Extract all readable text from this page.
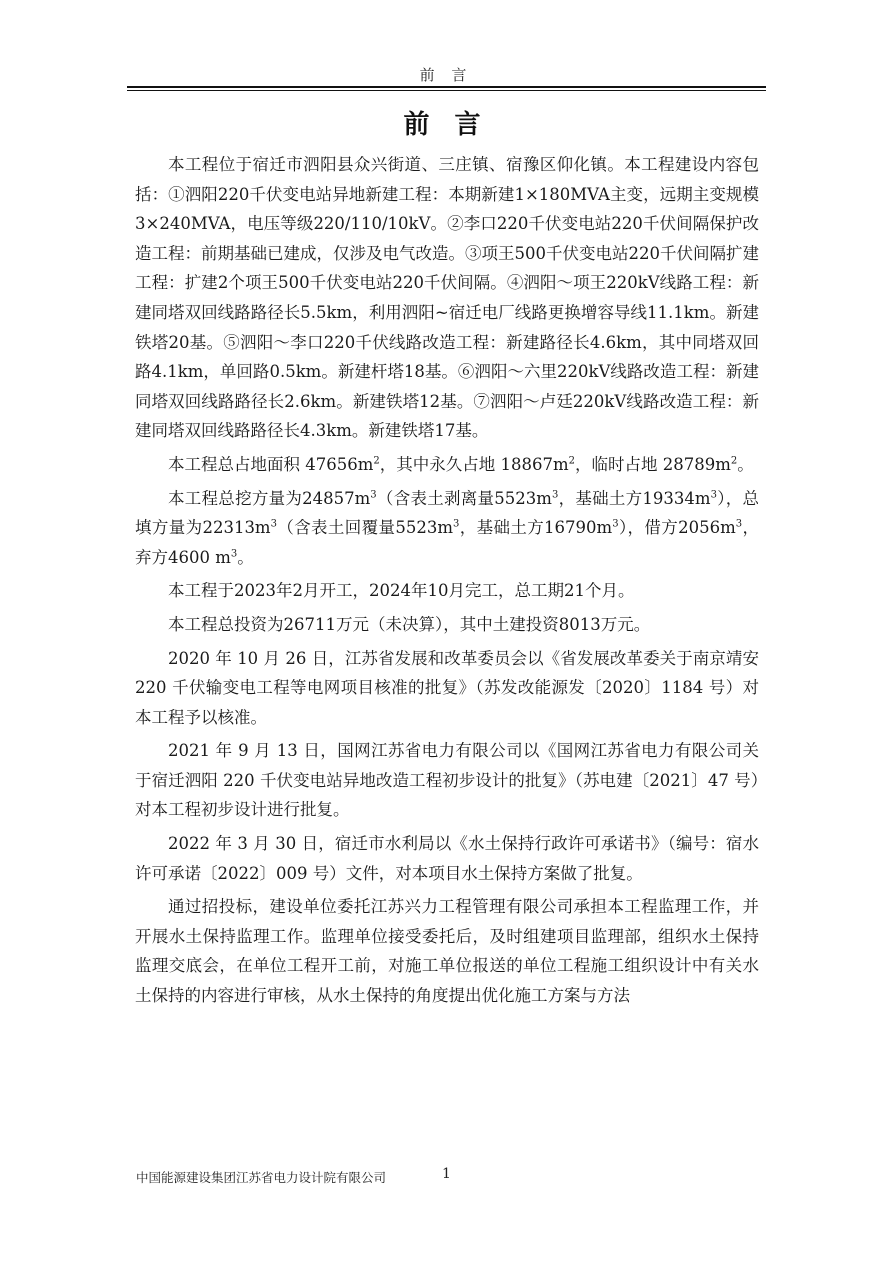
前 言
前 言

本工程位于宿迁市泗阳县众兴街道、三庄镇、宿豫区仰化镇。本工程建设内容包括：①泗阳220千伏变电站异地新建工程：本期新建1×180MVA主变，远期主变规模3×240MVA，电压等级220/110/10kV。②李口220千伏变电站220千伏间隔保护改造工程：前期基础已建成，仅涉及电气改造。③项王500千伏变电站220千伏间隔扩建工程：扩建2个项王500千伏变电站220千伏间隔。④泗阳～项王220kV线路工程：新建同塔双回线路路径长5.5km，利用泗阳~宿迁电厂线路更换增容导线11.1km。新建铁塔20基。⑤泗阳～李口220千伏线路改造工程：新建路径长4.6km，其中同塔双回路4.1km，单回路0.5km。新建杆塔18基。⑥泗阳～六里220kV线路改造工程：新建同塔双回线路路径长2.6km。新建铁塔12基。⑦泗阳～卢廷220kV线路改造工程：新建同塔双回线路路径长4.3km。新建铁塔17基。

本工程总占地面积 $47656m^2$，其中永久占地 $18867m^2$，临时占地 $28789m^2$。

本工程总挖方量为$24857m^3$（含表土剥离量$5523m^3$，基础土方$19334m^3$），总填方量为$22313m^3$（含表土回覆量$5523m^3$，基础土方$16790m^3$），借方$2056m^3$，弃方4600 $m^3$。

本工程于2023年2月开工，2024年10月完工，总工期21个月。

本工程总投资为26711万元（未决算），其中土建投资8013万元。

2020 年 10 月 26 日，江苏省发展和改革委员会以《省发展改革委关于南京靖安 220 千伏输变电工程等电网项目核准的批复》（苏发改能源发〔2020〕1184 号）对本工程予以核准。

2021 年 9 月 13 日，国网江苏省电力有限公司以《国网江苏省电力有限公司关于宿迁泗阳 220 千伏变电站异地改造工程初步设计的批复》（苏电建〔2021〕47 号）对本工程初步设计进行批复。

2022 年 3 月 30 日，宿迁市水利局以《水土保持行政许可承诺书》（编号：宿水许可承诺〔2022〕009 号）文件，对本项目水土保持方案做了批复。

通过招投标，建设单位委托江苏兴力工程管理有限公司承担本工程监理工作，并开展水土保持监理工作。监理单位接受委托后，及时组建项目监理部，组织水土保持监理交底会，在单位工程开工前，对施工单位报送的单位工程施工组织设计中有关水土保持的内容进行审核，从水土保持的角度提出优化施工方案与方法

中国能源建设集团江苏省电力设计院有限公司	1
